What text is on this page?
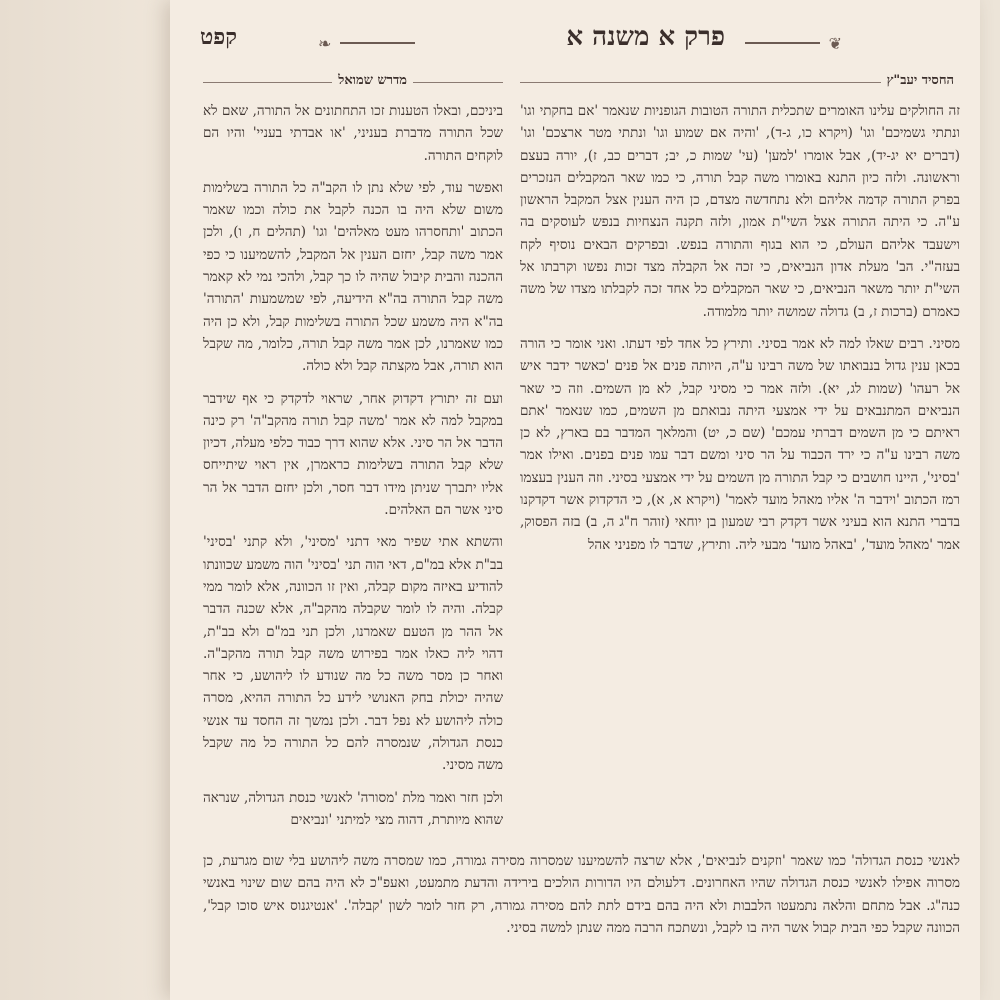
קפט	❦
פרק א משנה א
❧
החסיד יעב"ץ
מדרש שמואל

זה החולקים עלינו האומרים שתכלית התורה הטובות הגופניות שנאמר 'אם בחקתי וגו' ונתתי גשמיכם' וגו' (ויקרא כו, ג-ד), 'והיה אם שמוע וגו' ונתתי מטר ארצכם' וגו' (דברים יא יג-יד), אבל אומרו 'למען' (עי' שמות כ, יב; דברים כב, ז), יורה בעצם וראשונה. ולזה כיון התנא באומרו משה קבל תורה, כי כמו שאר המקבלים הנזכרים בפרק התורה קדמה אליהם ולא נתחדשה מצדם, כן היה הענין אצל המקבל הראשון ע"ה. כי היתה התורה אצל השי"ת אמון, ולזה תקנה הנצחיות בנפש לעוסקים בה וישעבד אליהם העולם, כי הוא בגוף והתורה בנפש. ובפרקים הבאים נוסיף לקח בעזה"י. הב' מעלת אדון הנביאים, כי זכה אל הקבלה מצד זכות נפשו וקרבתו אל השי"ת יותר משאר הנביאים, כי שאר המקבלים כל אחד זכה לקבלתו מצדו של משה כאמרם (ברכות ז, ב) גדולה שמושה יותר מלמודה.

מסיני. רבים שאלו למה לא אמר בסיני. ותירץ כל אחד לפי דעתו. ואני אומר כי הורה בכאן ענין גדול בנבואתו של משה רבינו ע"ה, היותה פנים אל פנים 'כאשר ידבר איש אל רעהו' (שמות לג, יא). ולזה אמר כי מסיני קבל, לא מן השמים. וזה כי שאר הנביאים המתנבאים על ידי אמצעי היתה נבואתם מן השמים, כמו שנאמר 'אתם ראיתם כי מן השמים דברתי עמכם' (שם כ, יט) והמלאך המדבר בם בארץ, לא כן משה רבינו ע"ה כי ירד הכבוד על הר סיני ומשם דבר עמו פנים בפנים. ואילו אמר 'בסיני', היינו חושבים כי קבל התורה מן השמים על ידי אמצעי בסיני. וזה הענין בעצמו רמז הכתוב 'וידבר ה' אליו מאהל מועד לאמר' (ויקרא א, א), כי הדקדוק אשר דקדקנו בדברי התנא הוא בעיני אשר דקדק רבי שמעון בן יוחאי (זוהר ח"ג ה, ב) בזה הפסוק, אמר 'מאהל מועד', 'באהל מועד' מבעי ליה. ותירץ, שדבר לו מפניני אהל

ביניכם, ובאלו הטענות זכו התחתונים אל התורה, שאם לא שכל התורה מדברת בעניני, 'או אבדתי בעניי' והיו הם לוקחים התורה.

ואפשר עוד, לפי שלא נתן לו הקב"ה כל התורה בשלימות משום שלא היה בו הכנה לקבל את כולה וכמו שאמר הכתוב 'ותחסרהו מעט מאלהים' וגו' (תהלים ח, ו), ולכן אמר משה קבל, יחזם הענין אל המקבל, להשמיענו כי כפי ההכנה והבית קיבול שהיה לו כך קבל, ולהכי נמי לא קאמר משה קבל התורה בה"א הידיעה, לפי שמשמעות 'התורה' בה"א היה משמע שכל התורה בשלימות קבל, ולא כן היה כמו שאמרנו, לכן אמר משה קבל תורה, כלומר, מה שקבל הוא תורה, אבל מקצתה קבל ולא כולה.

ועם זה יתורץ דקדוק אחר, שראוי לדקדק כי אף שידבר במקבל למה לא אמר 'משה קבל תורה מהקב"ה' רק כינה הדבר אל הר סיני. אלא שהוא דרך כבוד כלפי מעלה, דכיון שלא קבל התורה בשלימות כראמרן, אין ראוי שיתייחס אליו יתברך שניתן מידו דבר חסר, ולכן יחזם הדבר אל הר סיני אשר הם האלהים.

והשתא אתי שפיר מאי דתני 'מסיני', ולא קתני 'בסיני' בב"ת אלא במ"ם, דאי הוה תני 'בסיני' הוה משמע שכוונתו להודיע באיזה מקום קבלה, ואין זו הכוונה, אלא לומר ממי קבלה. והיה לו לומר שקבלה מהקב"ה, אלא שכנה הדבר אל ההר מן הטעם שאמרנו, ולכן תני במ"ם ולא בב"ת, דהוי ליה כאלו אמר בפירוש משה קבל תורה מהקב"ה. ואחר כן מסר משה כל מה שנודע לו ליהושע, כי אחר שהיה יכולת בחק האנושי לידע כל התורה ההיא, מסרה כולה ליהושע לא נפל דבר. ולכן נמשך זה החסד עד אנשי כנסת הגדולה, שנמסרה להם כל התורה כל מה שקבל משה מסיני.

ולכן חזר ואמר מלת 'מסורה' לאנשי כנסת הגדולה, שנראה שהוא מיותרת, דהוה מצי למיתני 'ונביאים

לאנשי כנסת הגדולה' כמו שאמר 'וזקנים לנביאים', אלא שרצה להשמיענו שמסרוה מסירה גמורה, כמו שמסרה משה ליהושע בלי שום מגרעת, כן מסרוה אפילו לאנשי כנסת הגדולה שהיו האחרונים. דלעולם היו הדורות הולכים בירידה והדעת מתמעט, ואעפ"כ לא היה בהם שום שינוי באנשי כנה"ג. אבל מתחם והלאה נתמעטו הלבבות ולא היה בהם בידם לתת להם מסירה גמורה, רק חזר לומר לשון 'קבלה'. 'אנטיגנוס איש סוכו קבל', הכוונה שקבל כפי הבית קבול אשר היה בו לקבל, ונשתכח הרבה ממה שנתן למשה בסיני.
